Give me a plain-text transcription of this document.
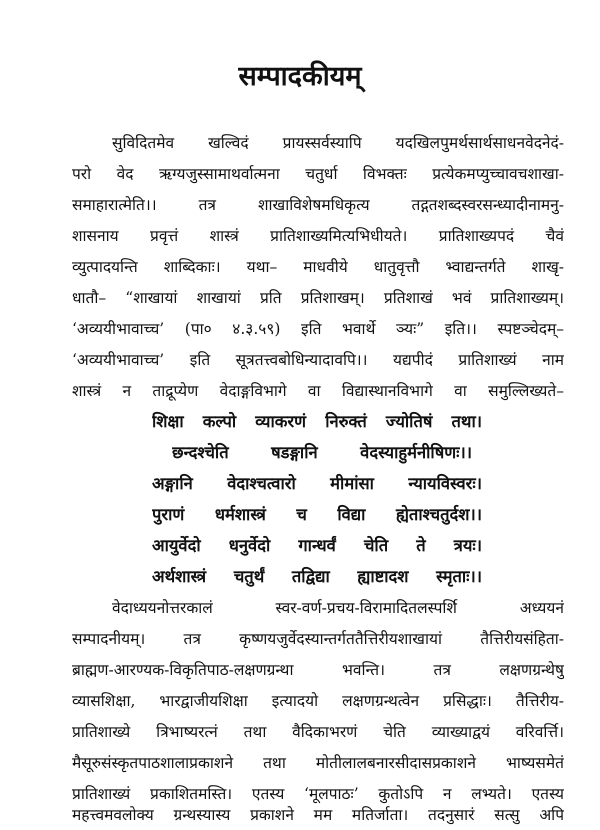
सम्पादकीयम्
सुविदितमेव खल्विदं प्रायस्सर्वस्यापि यदखिलपुमर्थसार्थसाधनवेदनेदं-
परो वेद ऋग्यजुस्सामाथर्वात्मना चतुर्धा विभक्तः प्रत्येकमप्युच्चावचशाखा-
समाहारात्मेति।। तत्र शाखाविशेषमधिकृत्य तद्गतशब्दस्वरसन्ध्यादीनामनु-
शासनाय प्रवृत्तं शास्त्रं प्रातिशाख्यमित्यभिधीयते। प्रातिशाख्यपदं चैवं
व्युत्पादयन्ति शाब्दिकाः। यथा– माधवीये धातुवृत्तौ भ्वाद्यन्तर्गते शाखृ-
धातौ– “शाखायां शाखायां प्रति प्रतिशाखम्। प्रतिशाखं भवं प्रातिशाख्यम्।
‘अव्ययीभावाच्च’ (पा० ४.३.५९) इति भवार्थे ञ्यः” इति।। स्पष्टञ्चेदम्–
‘अव्ययीभावाच्च’ इति सूत्रतत्त्वबोधिन्यादावपि।। यद्यपीदं प्रातिशाख्यं नाम
शास्त्रं न ताद्रूप्येण वेदाङ्गविभागे वा विद्यास्थानविभागे वा समुल्लिख्यते–
शिक्षा कल्पो व्याकरणं निरुक्तं ज्योतिषं तथा।
छन्दश्चेति षडङ्गानि वेदस्याहुर्मनीषिणः।।
अङ्गानि वेदाश्चत्वारो मीमांसा न्यायविस्वरः।
पुराणं धर्मशास्त्रं च विद्या ह्येताश्चतुर्दश।।
आयुर्वेदो धनुर्वेदो गान्धर्वं चेति ते त्रयः।
अर्थशास्त्रं चतुर्थं तद्विद्या ह्याष्टादश स्मृताः।।
वेदाध्ययनोत्तरकालं स्वर-वर्ण-प्रचय-विरामादितलस्पर्शि अध्ययनं
सम्पादनीयम्। तत्र कृष्णयजुर्वेदस्यान्तर्गततैत्तिरीयशाखायां तैत्तिरीयसंहिता-
ब्राह्मण-आरण्यक-विकृतिपाठ-लक्षणग्रन्था भवन्ति। तत्र लक्षणग्रन्थेषु
व्यासशिक्षा, भारद्वाजीयशिक्षा इत्यादयो लक्षणग्रन्थत्वेन प्रसिद्धाः। तैत्तिरीय-
प्रातिशाख्ये त्रिभाष्यरत्नं तथा वैदिकाभरणं चेति व्याख्याद्वयं वरिवर्त्ति।
मैसूरुसंस्कृतपाठशालाप्रकाशने तथा मोतीलालबनारसीदासप्रकाशने भाष्यसमेतं
प्रातिशाख्यं प्रकाशितमस्ति। एतस्य ‘मूलपाठः’ कुतोऽपि न लभ्यते। एतस्य
महत्त्वमवलोक्य ग्रन्थस्यास्य प्रकाशने मम मतिर्जाता। तदनुसारं सत्सु अपि
